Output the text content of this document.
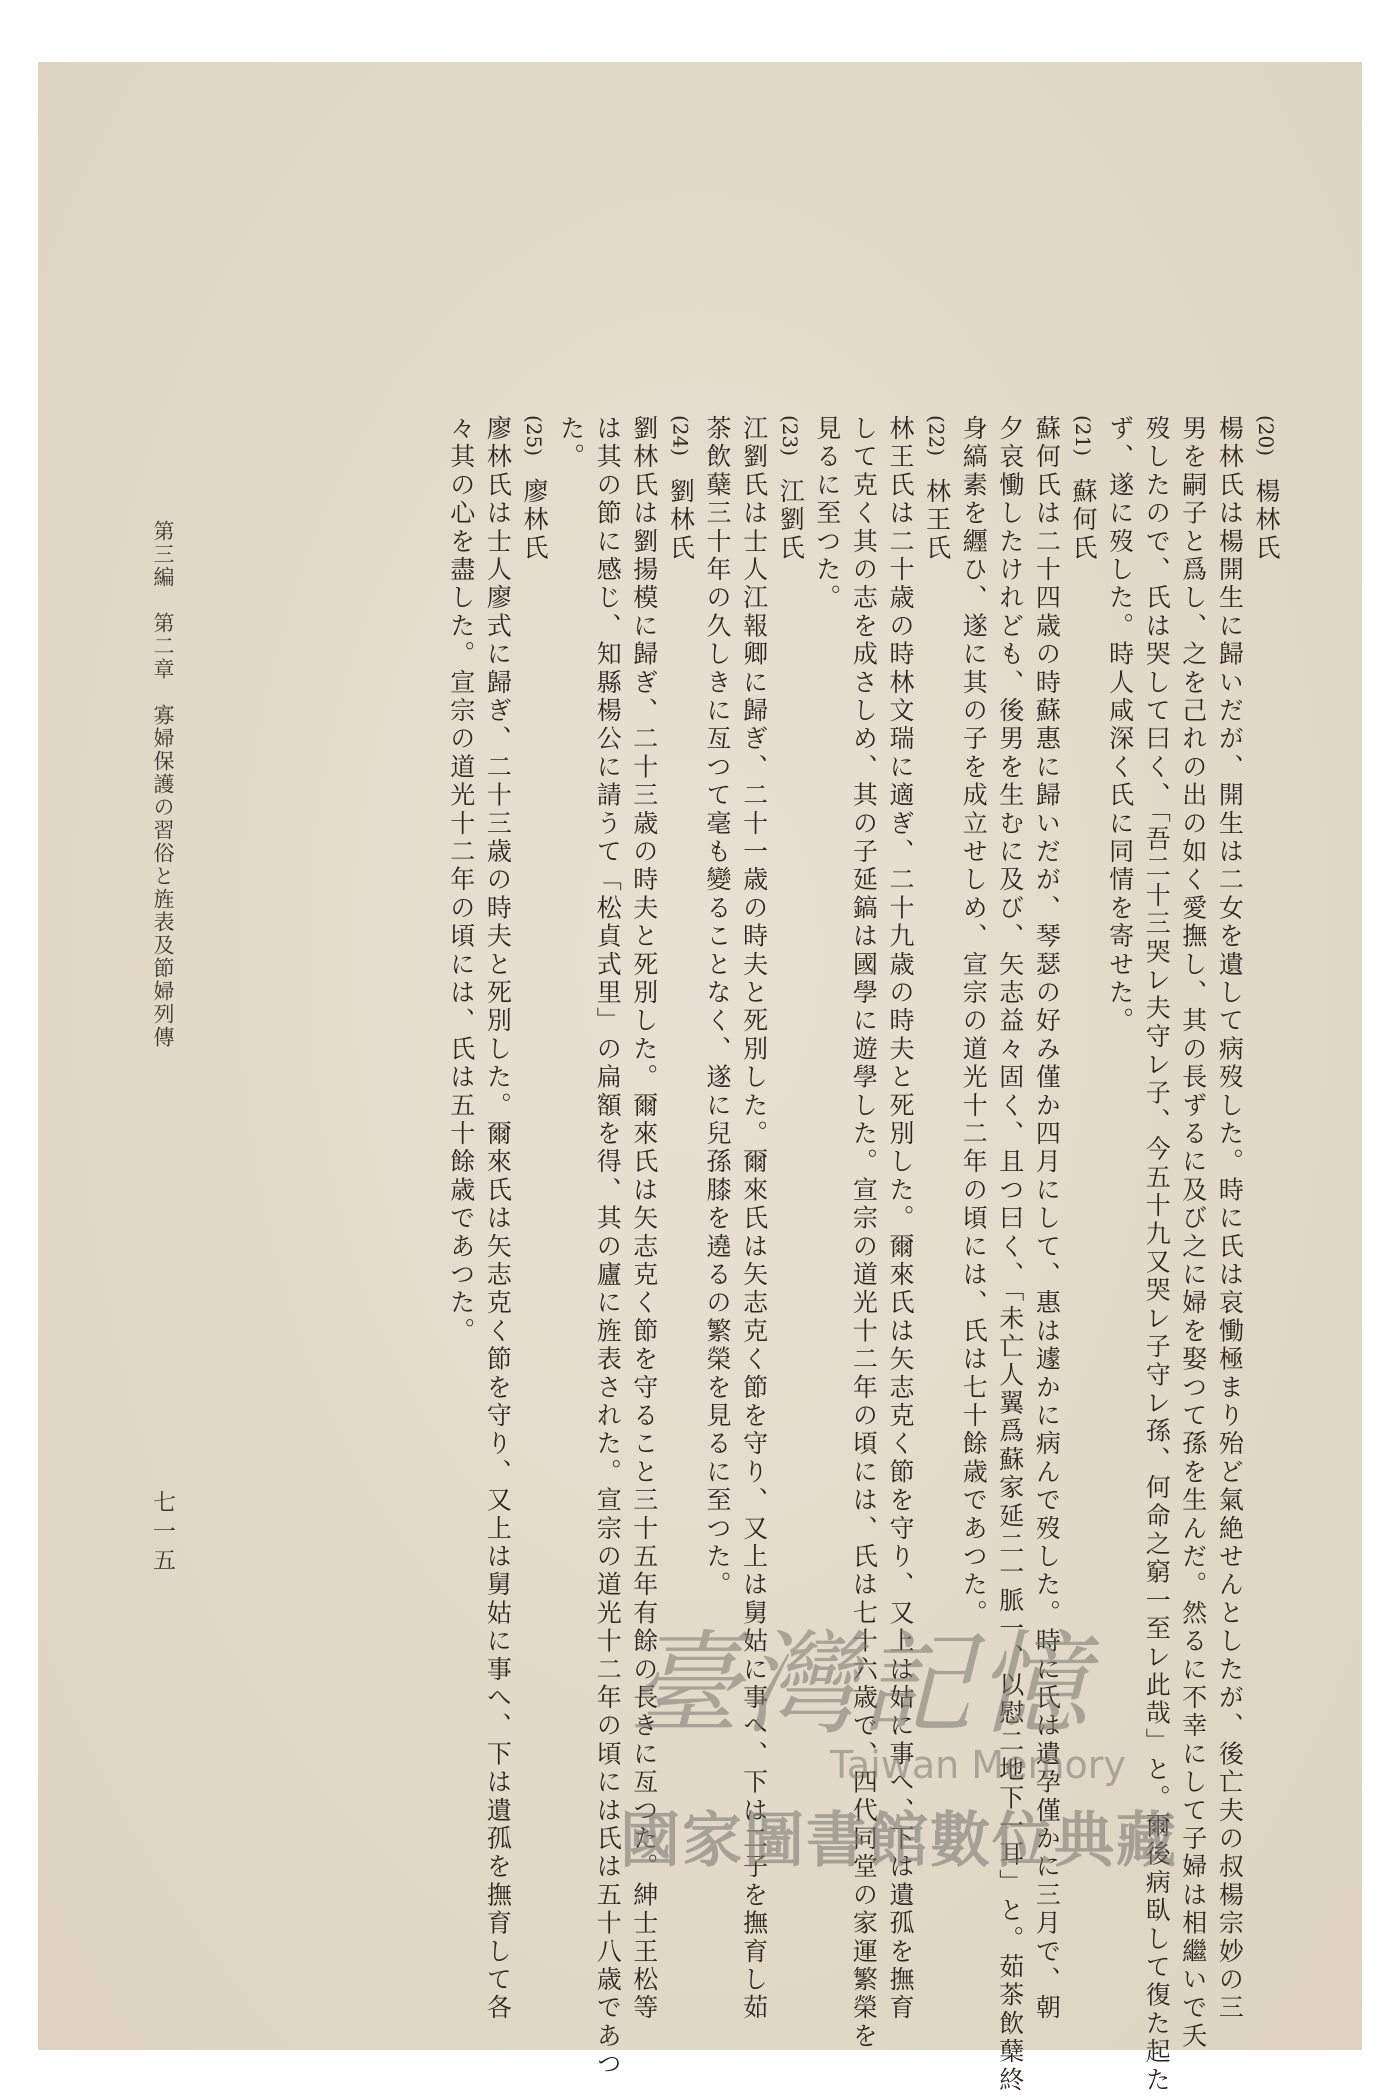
(20)楊林氏
楊林氏は楊開生に歸いだが、開生は二女を遺して病歿した。時に氏は哀慟極まり殆ど氣絶せんとしたが、後亡夫の叔楊宗妙の三
男を嗣子と爲し、之を己れの出の如く愛撫し、其の長ずるに及び之に婦を娶つて孫を生んだ。然るに不幸にして子婦は相繼いで夭
歿したので、氏は哭して曰く、「吾二十三哭レ夫守レ子、今五十九又哭レ子守レ孫、何命之窮一至レ此哉」と。爾後病臥して復た起た
ず、遂に歿した。時人咸深く氏に同情を寄せた。
(21)蘇何氏
蘇何氏は二十四歳の時蘇惠に歸いだが、琴瑟の好み僅か四月にして、惠は遽かに病んで歿した。時に氏は遺孕僅かに三月で、朝
夕哀慟したけれども、後男を生むに及び、矢志益々固く、且つ曰く、「未亡人翼爲蘇家延二一脈一、以慰二地下一耳」と。茹茶飲蘖終
身縞素を纒ひ、遂に其の子を成立せしめ、宣宗の道光十二年の頃には、氏は七十餘歳であつた。
(22)林王氏
林王氏は二十歳の時林文瑞に適ぎ、二十九歳の時夫と死別した。爾來氏は矢志克く節を守り、又上は姑に事へ、下は遺孤を撫育
して克く其の志を成さしめ、其の子延鎬は國學に遊學した。宣宗の道光十二年の頃には、氏は七十六歳で、四代同堂の家運繁榮を
見るに至つた。
(23)江劉氏
江劉氏は士人江報卿に歸ぎ、二十一歳の時夫と死別した。爾來氏は矢志克く節を守り、又上は舅姑に事へ、下は二子を撫育し茹
茶飲蘖三十年の久しきに亙つて毫も變ることなく、遂に兒孫膝を遶るの繁榮を見るに至つた。
(24)劉林氏
劉林氏は劉揚模に歸ぎ、二十三歳の時夫と死別した。爾來氏は矢志克く節を守ること三十五年有餘の長きに亙つた。紳士王松等
は其の節に感じ、知縣楊公に請うて「松貞式里」の扁額を得、其の廬に旌表された。宣宗の道光十二年の頃には氏は五十八歳であつ
た。
(25)廖林氏
廖林氏は士人廖式に歸ぎ、二十三歳の時夫と死別した。爾來氏は矢志克く節を守り、又上は舅姑に事へ、下は遺孤を撫育して各
々其の心を盡した。宣宗の道光十二年の頃には、氏は五十餘歳であつた。
第三編　第二章　寡婦保護の習俗と旌表及節婦列傳
七一五
臺灣記憶
Taiwan Memory
國家圖書館數位典藏
